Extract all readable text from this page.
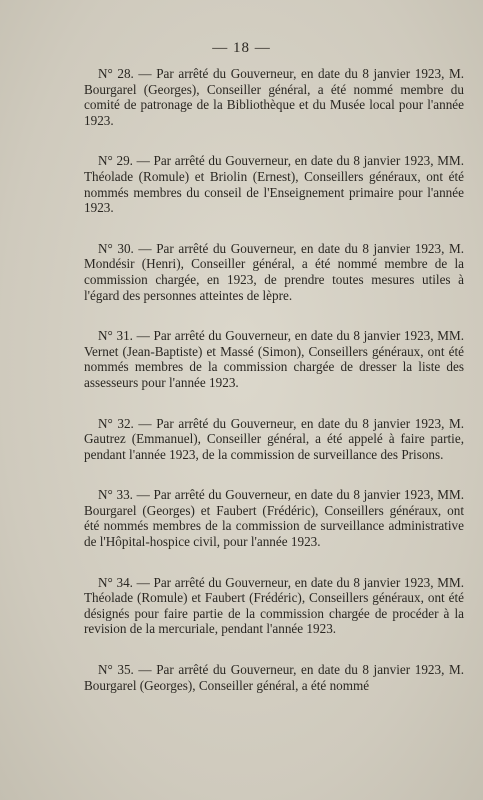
— 18 —

N° 28. — Par arrêté du Gouverneur, en date du 8 janvier 1923, M. Bourgarel (Georges), Conseiller général, a été nommé membre du comité de patronage de la Bibliothèque et du Musée local pour l'année 1923.

N° 29. — Par arrêté du Gouverneur, en date du 8 janvier 1923, MM. Théolade (Romule) et Briolin (Ernest), Conseillers généraux, ont été nommés membres du conseil de l'Enseignement primaire pour l'année 1923.

N° 30. — Par arrêté du Gouverneur, en date du 8 janvier 1923, M. Mondésir (Henri), Conseiller général, a été nommé membre de la commission chargée, en 1923, de prendre toutes mesures utiles à l'égard des personnes atteintes de lèpre.

N° 31. — Par arrêté du Gouverneur, en date du 8 janvier 1923, MM. Vernet (Jean-Baptiste) et Massé (Simon), Conseillers généraux, ont été nommés membres de la commission chargée de dresser la liste des assesseurs pour l'année 1923.

N° 32. — Par arrêté du Gouverneur, en date du 8 janvier 1923, M. Gautrez (Emmanuel), Conseiller général, a été appelé à faire partie, pendant l'année 1923, de la commission de surveillance des Prisons.

N° 33. — Par arrêté du Gouverneur, en date du 8 janvier 1923, MM. Bourgarel (Georges) et Faubert (Frédéric), Conseillers généraux, ont été nommés membres de la commission de surveillance administrative de l'Hôpital-hospice civil, pour l'année 1923.

N° 34. — Par arrêté du Gouverneur, en date du 8 janvier 1923, MM. Théolade (Romule) et Faubert (Frédéric), Conseillers généraux, ont été désignés pour faire partie de la commission chargée de procéder à la revision de la mercuriale, pendant l'année 1923.

N° 35. — Par arrêté du Gouverneur, en date du 8 janvier 1923, M. Bourgarel (Georges), Conseiller général, a été nommé
